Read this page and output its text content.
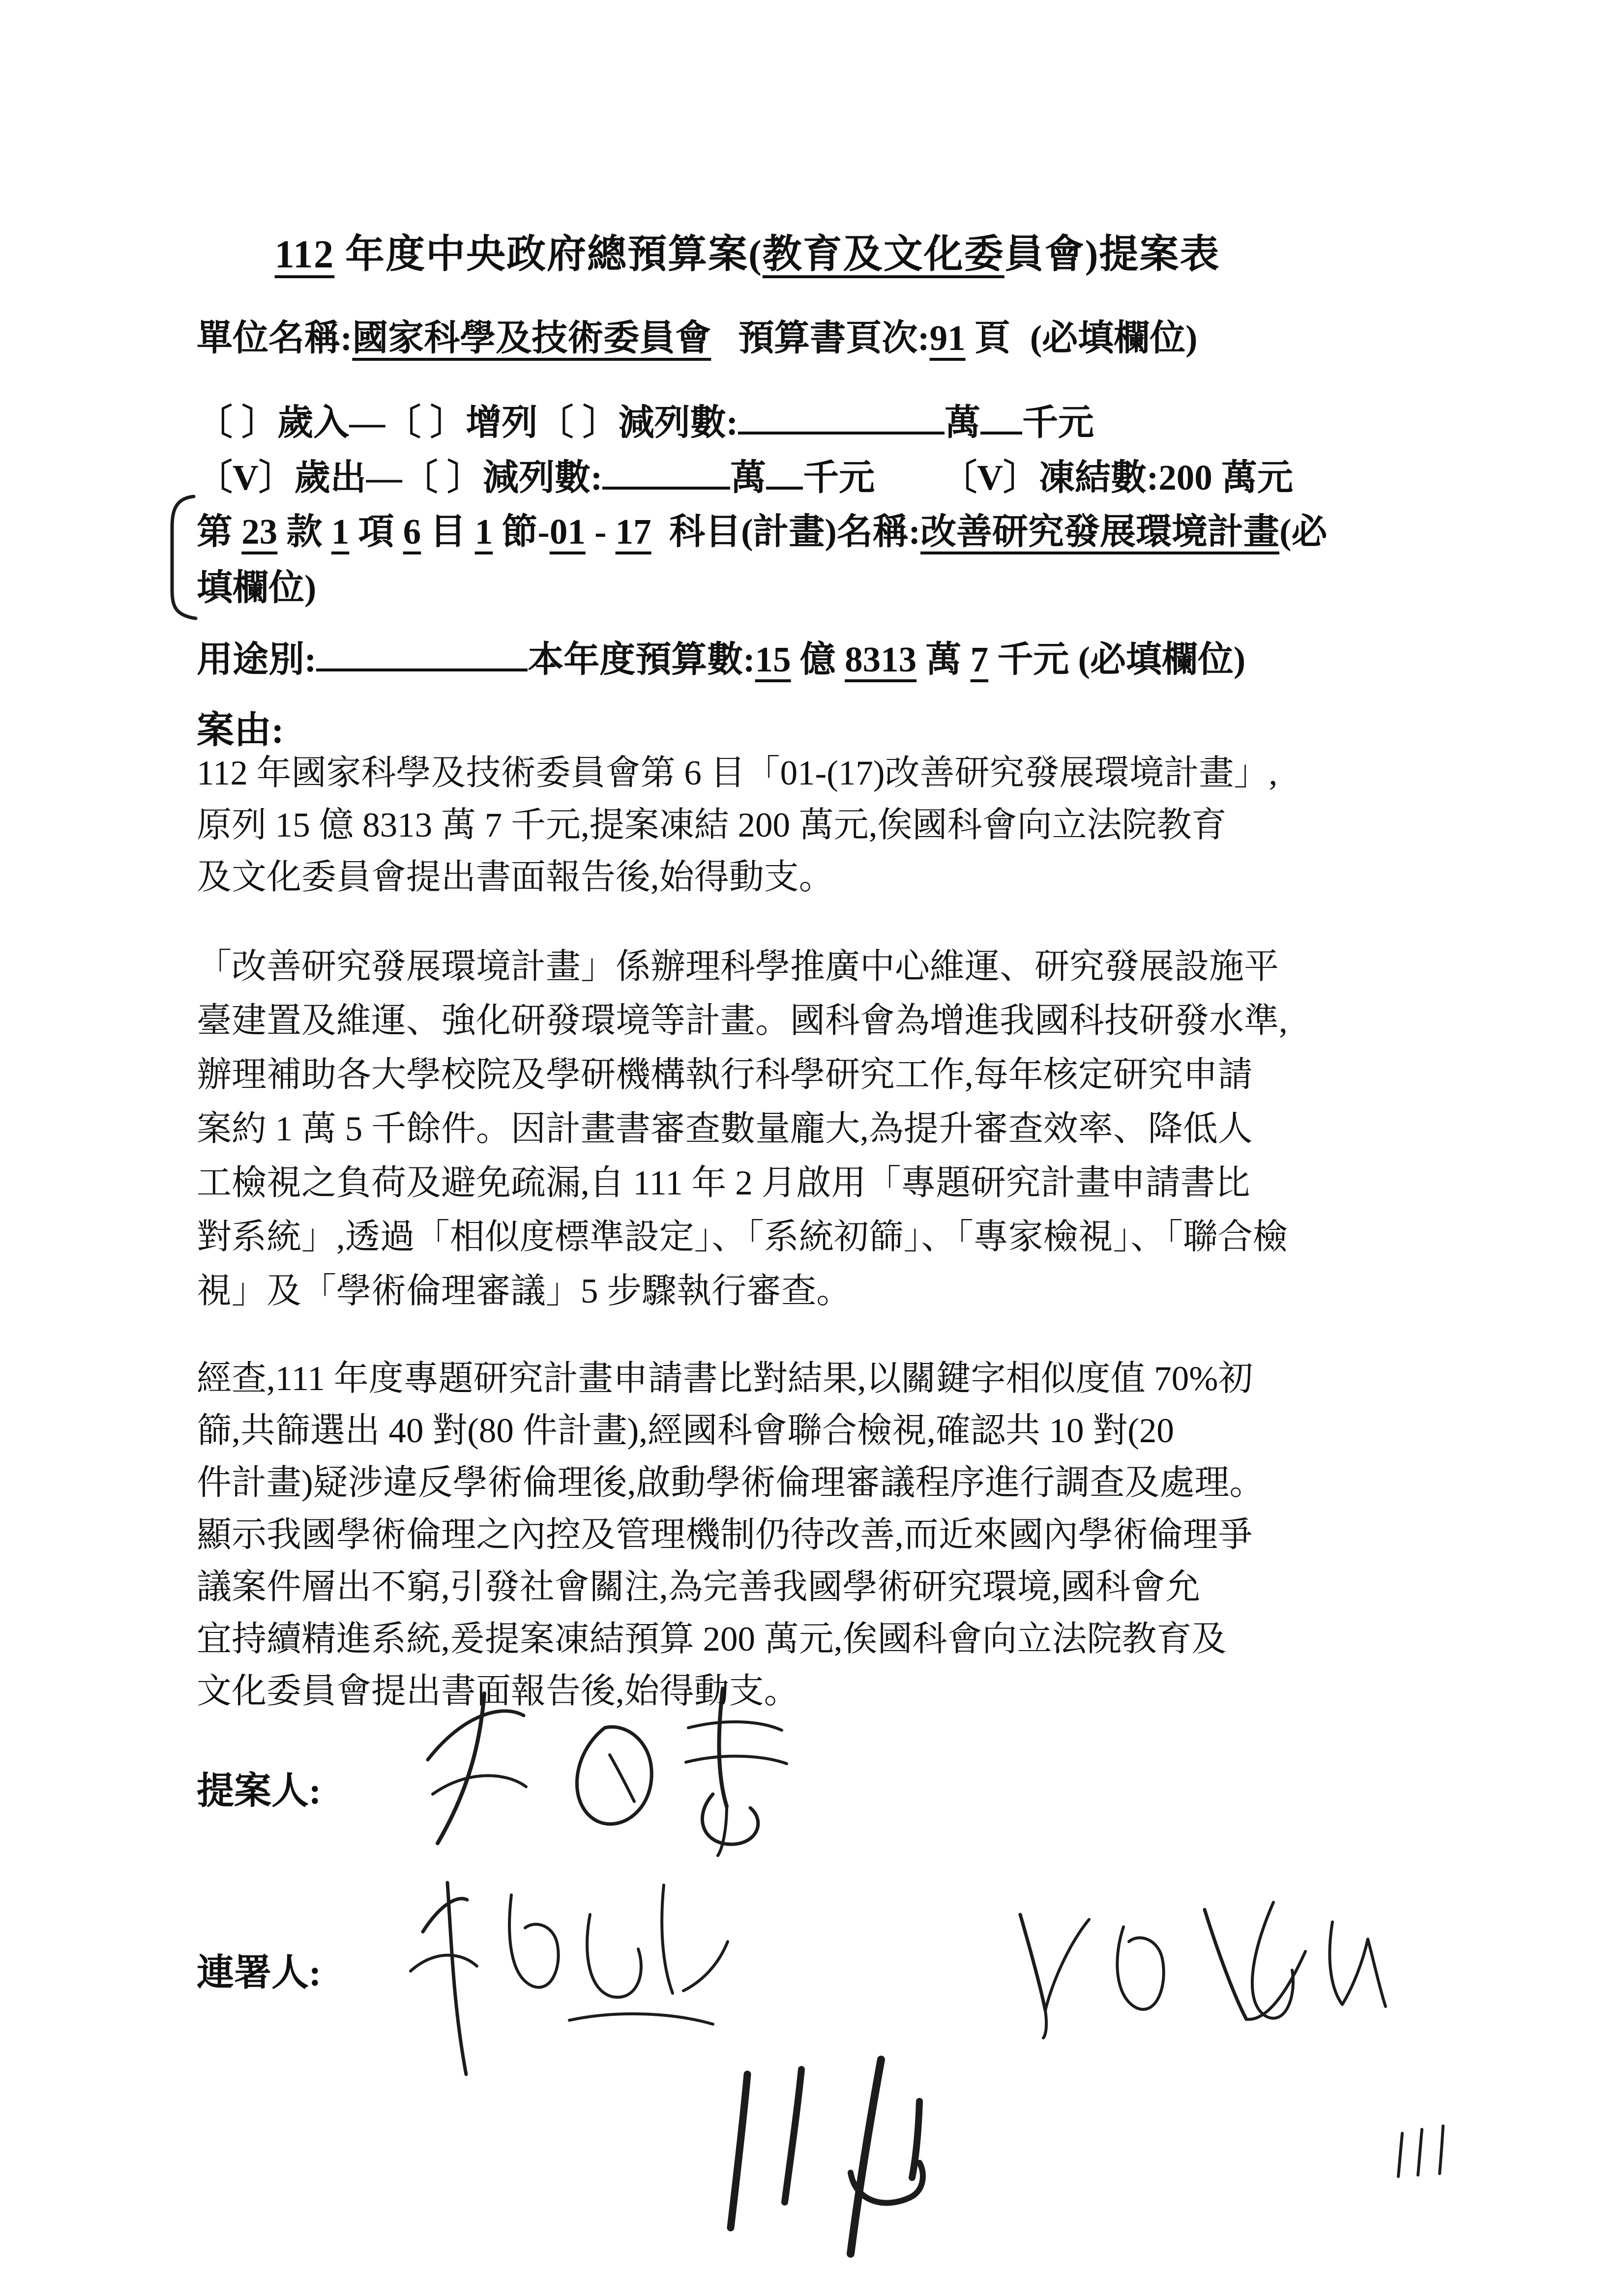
112 年度中央政府總預算案(教育及文化委員會)提案表
單位名稱:國家科學及技術委員會 預算書頁次:91 頁 (必填欄位)
〔 〕歲入—〔 〕增列〔 〕減列數:	萬 千元
〔V〕歲出—〔 〕減列數:	萬 千元 〔V〕凍結數:200 萬元
第 23 款 1 項 6 目 1 節-01 - 17  科目(計畫)名稱:改善研究發展環境計畫(必
填欄位)
用途別:	本年度預算數:15 億 8313 萬 7 千元 (必填欄位)
案由:
112 年國家科學及技術委員會第 6 目「01-(17)改善研究發展環境計畫」,
原列 15 億 8313 萬 7 千元,提案凍結 200 萬元,俟國科會向立法院教育
及文化委員會提出書面報告後,始得動支。
「改善研究發展環境計畫」係辦理科學推廣中心維運、研究發展設施平
臺建置及維運、強化研發環境等計畫。國科會為增進我國科技研發水準,
辦理補助各大學校院及學研機構執行科學研究工作,每年核定研究申請
案約 1 萬 5 千餘件。因計畫書審查數量龐大,為提升審查效率、降低人
工檢視之負荷及避免疏漏,自 111 年 2 月啟用「專題研究計畫申請書比
對系統」,透過「相似度標準設定」、「系統初篩」、「專家檢視」、「聯合檢
視」及「學術倫理審議」5 步驟執行審查。
經查,111 年度專題研究計畫申請書比對結果,以關鍵字相似度值 70%初
篩,共篩選出 40 對(80 件計畫),經國科會聯合檢視,確認共 10 對(20
件計畫)疑涉違反學術倫理後,啟動學術倫理審議程序進行調查及處理。
顯示我國學術倫理之內控及管理機制仍待改善,而近來國內學術倫理爭
議案件層出不窮,引發社會關注,為完善我國學術研究環境,國科會允
宜持續精進系統,爰提案凍結預算 200 萬元,俟國科會向立法院教育及
文化委員會提出書面報告後,始得動支。
提案人:
連署人:
